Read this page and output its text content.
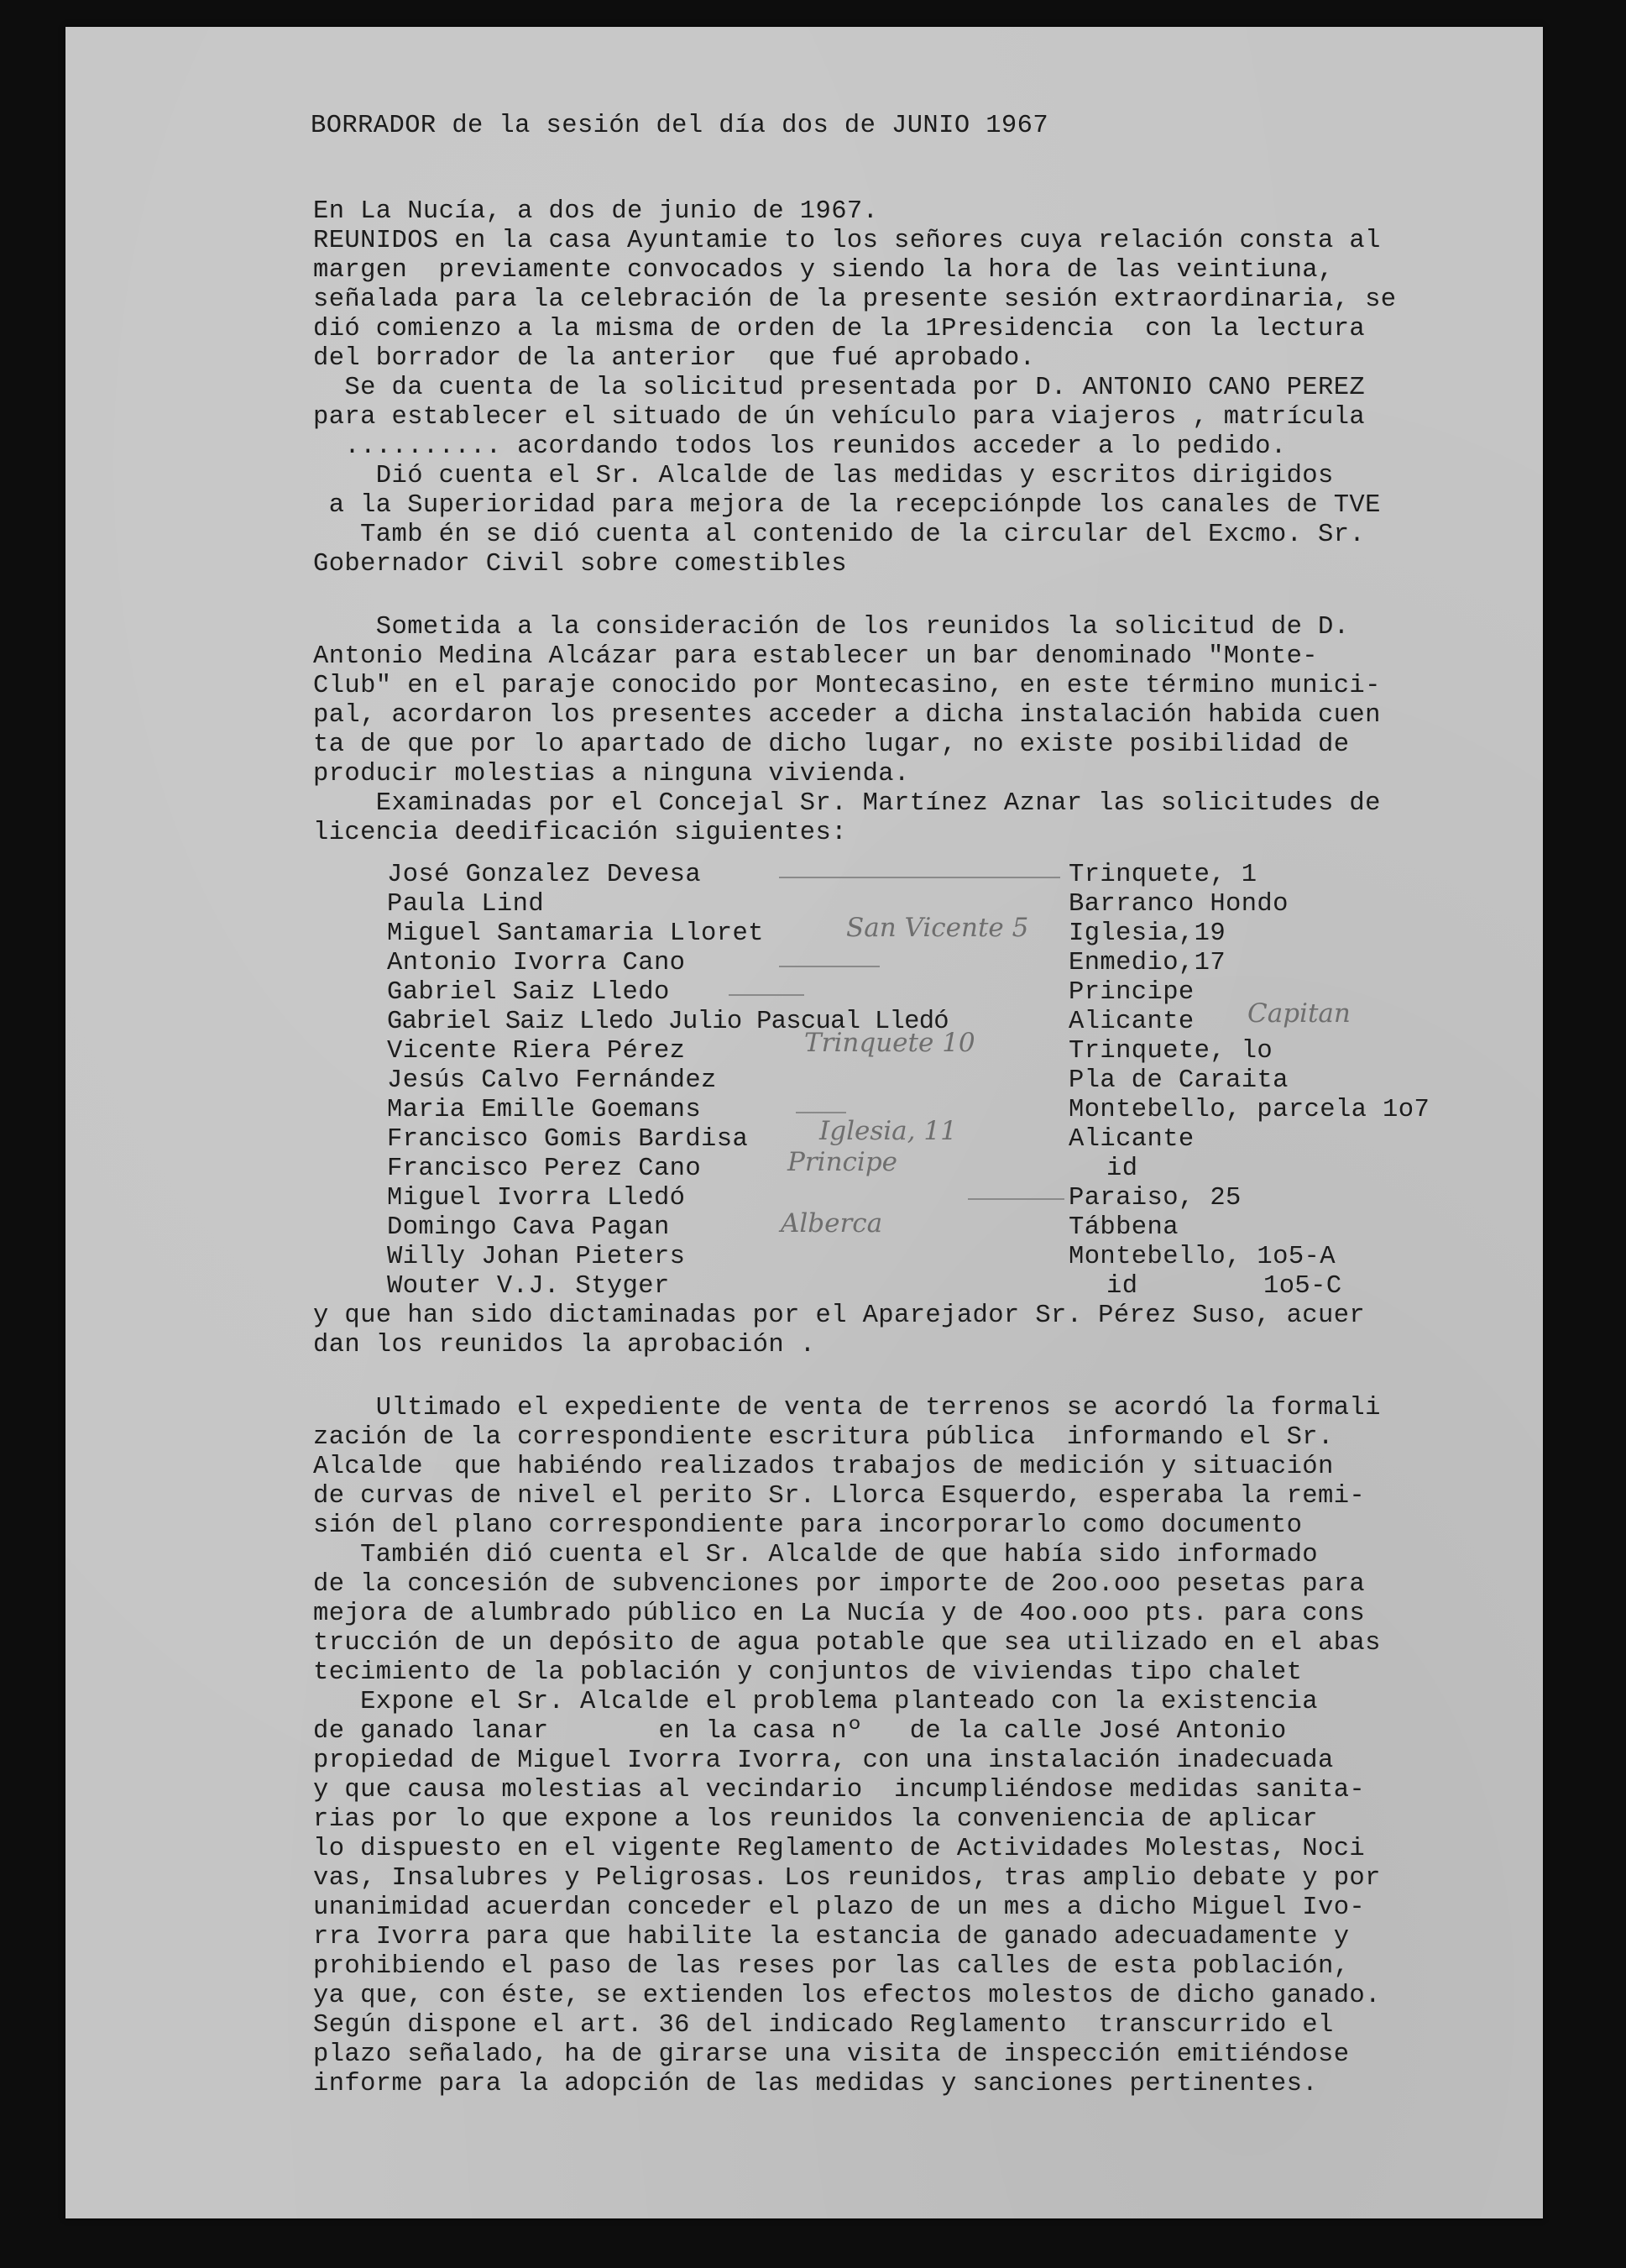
BORRADOR de la sesión del día dos de JUNIO 1967
En La Nucía, a dos de junio de 1967.
REUNIDOS en la casa Ayuntamie to los señores cuya relación consta al
margen  previamente convocados y siendo la hora de las veintiuna,
señalada para la celebración de la presente sesión extraordinaria, se
dió comienzo a la misma de orden de la 1Presidencia  con la lectura
del borrador de la anterior  que fué aprobado.
Se da cuenta de la solicitud presentada por D. ANTONIO CANO PEREZ
para establecer el situado de ún vehículo para viajeros , matrícula
.......... acordando todos los reunidos acceder a lo pedido.
Dió cuenta el Sr. Alcalde de las medidas y escritos dirigidos
a la Superioridad para mejora de la recepciónpde los canales de TVE
Tamb én se dió cuenta al contenido de la circular del Excmo. Sr.
Gobernador Civil sobre comestibles
Sometida a la consideración de los reunidos la solicitud de D.
Antonio Medina Alcázar para establecer un bar denominado "Monte-
Club" en el paraje conocido por Montecasino, en este término munici-
pal, acordaron los presentes acceder a dicha instalación habida cuen
ta de que por lo apartado de dicho lugar, no existe posibilidad de
producir molestias a ninguna vivienda.
Examinadas por el Concejal Sr. Martínez Aznar las solicitudes de
licencia deedificación siguientes:
José Gonzalez Devesa	Trinquete, 1
Paula Lind	Barranco Hondo
Miguel Santamaria Lloret	San Vicente 5 Iglesia,19
Antonio Ivorra Cano	Enmedio,17
Gabriel Saiz Lledo	Principe
Gabriel Saiz Lledo Julio Pascual Lledó	Alicante Capitan
Vicente Riera Pérez	Trinquete 10	Trinquete, lo
Jesús Calvo Fernández	Pla de Caraita
Maria Emille Goemans	Montebello, parcela 1o7
Francisco Gomis Bardisa	Iglesia, 11	Alicante
Francisco Perez Cano	Principe	id
Miguel Ivorra Lledó	Paraiso, 25
Domingo Cava Pagan	Alberca	Tábbena
Willy Johan Pieters	Montebello, 1o5-A
Wouter V.J. Styger	id        1o5-C
y que han sido dictaminadas por el Aparejador Sr. Pérez Suso, acuer
dan los reunidos la aprobación .
Ultimado el expediente de venta de terrenos se acordó la formali
zación de la correspondiente escritura pública  informando el Sr.
Alcalde  que habiéndo realizados trabajos de medición y situación
de curvas de nivel el perito Sr. Llorca Esquerdo, esperaba la remi-
sión del plano correspondiente para incorporarlo como documento
También dió cuenta el Sr. Alcalde de que había sido informado
de la concesión de subvenciones por importe de 2oo.ooo pesetas para
mejora de alumbrado público en La Nucía y de 4oo.ooo pts. para cons
trucción de un depósito de agua potable que sea utilizado en el abas
tecimiento de la población y conjuntos de viviendas tipo chalet
Expone el Sr. Alcalde el problema planteado con la existencia
de ganado lanar       en la casa nº   de la calle José Antonio
propiedad de Miguel Ivorra Ivorra, con una instalación inadecuada
y que causa molestias al vecindario  incumpliéndose medidas sanita-
rias por lo que expone a los reunidos la conveniencia de aplicar
lo dispuesto en el vigente Reglamento de Actividades Molestas, Noci
vas, Insalubres y Peligrosas. Los reunidos, tras amplio debate y por
unanimidad acuerdan conceder el plazo de un mes a dicho Miguel Ivo-
rra Ivorra para que habilite la estancia de ganado adecuadamente y
prohibiendo el paso de las reses por las calles de esta población,
ya que, con éste, se extienden los efectos molestos de dicho ganado.
Según dispone el art. 36 del indicado Reglamento  transcurrido el
plazo señalado, ha de girarse una visita de inspección emitiéndose
informe para la adopción de las medidas y sanciones pertinentes.
